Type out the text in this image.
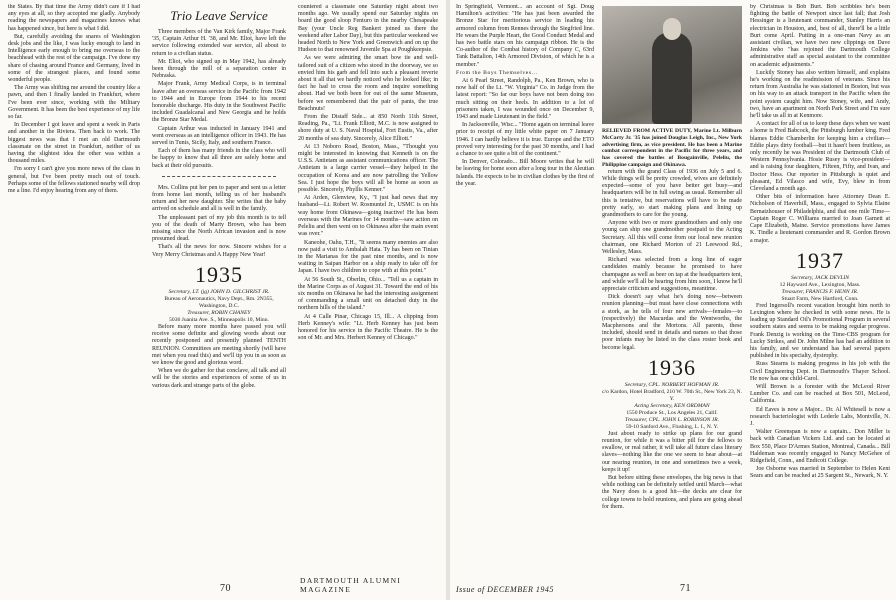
the States. By that time the Army didn't care if I had any eyes at all, so they accepted me gladly. Anybody reading the newspapers and magazines knows what has happened since, but here is what I did.

But, carefully avoiding the snares of Washington desk jobs and the like, I was lucky enough to land in Intelligence early enough to bring me overseas to the beachhead with the rest of the campaign. I've done my share of chasing around France and Germany, lived in some of the strangest places, and found some wonderful people.

The Army was shifting me around the country like a pawn, and then I finally landed in Frankfurt, where I've been ever since, working with the Military Government. It has been the best experience of my life so far.

In December I got leave and spent a week in Paris and another in the Riviera. Then back to work. The biggest news was that I met an old Dartmouth classmate on the street in Frankfurt, neither of us having the slightest idea the other was within a thousand miles.

I'm sorry I can't give you more news of the class in general, but I've been pretty much out of touch. Perhaps some of the fellows stationed nearby will drop me a line. I'd enjoy hearing from any of them.

Trio Leave Service

Three members of the Van Kirk family, Major Frank '35, Captain Arthur H. '38, and Mr. Eliot, have left the service following extended war service, all about to return to a civilian status.

Mr. Eliot, who signed up in May 1942, has already been through the mill of a separation center in Nebraska.

Major Frank, Army Medical Corps, is in terminal leave after an overseas service in the Pacific from 1942 to 1944 and in Europe from 1944 to his recent honorable discharge. His duty in the Southwest Pacific included Guadalcanal and New Georgia and he holds the Bronze Star Medal.

Captain Arthur was inducted in January 1941 and went overseas as an intelligence officer in 1943. He has served in Tunis, Sicily, Italy, and southern France.

Each of them has many friends in the class who will be happy to know that all three are safely home and back at their old pursuits.

Mrs. Collins put her pen to paper and sent us a letter from home last month, telling us of her husband's return and her new daughter. She writes that the baby arrived on schedule and all is well in the family.

The unpleasant part of my job this month is to tell you of the death of Marty Brown, who has been missing since the North African invasion and is now presumed dead.

That's all the news for now. Sincere wishes for a Very Merry Christmas and A Happy New Year!

1935
Secretary, LT. (jg) JOHN D. GILCHRIST JR.
Bureau of Aeronautics, Navy Dept., Rm. 2N355, Washington, D.C.
Treasurer, ROBIN CHANEY
5036 Juanita Ave. S., Minneapolis 10, Minn.

Before many more months have passed you will receive some definite and glowing words about our recently postponed and presently planned TENTH REUNION. Committees are meeting shortly (will have met when you read this) and we'll tip you in as soon as we know the good and glorious word.

When we do gather for that conclave, all talk and all will be the stories and experiences of some of us in various dark and strange parts of the globe.

countered a classmate one Saturday night about two months ago. We usually spend our Saturday nights on board the good sloop Fenturo in the nearby Chesapeake Bay (your Uncle Reg Bankert joined us there the weekend after Labor Day), but this particular weekend we headed North to New York and Greenwich and on up the Hudson to that renowned Juvenile Spa at Poughkeepsie.

As we were admiring the smart bow tie and well-tailored suit of a citizen who stood in the doorway, we so envied him his garb and fell into such a pleasant reverie about it all that we hardly noticed who he looked like; in fact he had to cross the room and inquire something about. Had we both been for out of the same Museum, before we remembered that the pair of pants, the true Beachnuts!

From the Distaff Side... at 850 North 11th Street, Reading, Pa., "Lt. Frank Elliott, M.C. is now assigned to shore duty at U. S. Naval Hospital, Fort Eustis, Va., after 20 months of sea duty. Sincerely, Alice Elliott."

At 13 Noboro Road, Boston, Mass., "Thought you might be interested in knowing that Kenneth is on the U.S.S. Antietam as assistant communications officer. The Antietam is a large carrier vessel—they helped in the occupation of Korea and are now patrolling the Yellow Sea. I just hope the boys will all be home as soon as possible. Sincerely, Phyllis Kenner."

At Arden, Glenview, Ky., "I just had news that my husband—Lt. Robert W. Rosmuntel Jr., USMC is on his way home from Okinawa—going inactive! He has been overseas with the Marines for 14 months—saw action on Peleliu and then went on to Okinawa after the main event was over."

Kaneohe, Oahu, T.H., "It seems many enemies are also now paid a visit to Ambalah Hata. Ty has been on Tinian in the Marianas for the past nine months, and is now waiting in Saipan Harbor on a ship ready to take off for Japan. I have two children to cope with at this point."

At 56 South St., Oberlin, Ohio... "Tell us a captain in the Marine Corps as of August 31. Toward the end of his six months on Okinawa he had the interesting assignment of commanding a small unit on detached duty in the northern hills of the island."

At 4 Calle Pinar, Chicago 15, Ill... A clipping from Herb Kenney's wife: "Lt. Herb Kenney has just been honored for his service in the Pacific Theatre. He is the son of Mr. and Mrs. Herbert Kenney of Chicago."

70
DARTMOUTH ALUMNI MAGAZINE

In Springfield, Vermont... an account of Sgt. Doug Hamilton's activities: "He has just been awarded the Bronze Star for meritorious service in leading his armored column from Rennes through the Siegfried line. He wears the Purple Heart, the Good Conduct Medal and has two battle stars on his campaign ribbon. He is the Co-author of the Combat history of Company C, 63rd Tank Battalion, 14th Armored Division, of which he is a member."

From the Boys Themselves...

At 6 Pearl Street, Randolph, Pa., Ken Brown, who is now half of the Lt. "W. Virginia" Co. in Judge from the latest report: "So far our boys have not been doing too much sitting on their heels. In addition to a lot of prisoners taken, I was wounded once on December 9, 1943 and made Lieutenant in the field."

In Jacksonville, Wisc... "Home again on terminal leave prior to receipt of my little white paper on 7 January 1946. I can hardly believe it is true. Europe and the ETO proved very interesting for the past 30 months, and I had a chance to see quite a bit of the continent."

In Denver, Colorado... Bill Moore writes that he will be leaving for home soon after a long tour in the Aleutian Islands. He expects to be in civilian clothes by the first of the year.

RELIEVED FROM ACTIVE DUTY, Marine Lt. Milburn McCarty Jr. '35 has joined Douglas Leigh, Inc., New York advertising firm, as vice president. He has been a Marine combat correspondent in the Pacific for three years, and has covered the battles of Bougainville, Peleliu, the Philippine campaign and Okinawa.

return with the grand Class of 1936 on July 5 and 6. While things will be pretty crowded, wives are definitely expected—some of you have better get busy—and headquarters will be in full swing as usual. Remember all this is tentative, but reservations will have to be made pretty early, so start making plans and lining up grandmothers to care for the young.

Anyone with two or more grandmothers and only one young can ship one grandmother postpaid to the Acting Secretary. All this will come from our local new reunion chairman, one Richard Morton of 21 Leewood Rd., Wellesley, Mass.

Richard was selected from a long line of eager candidates mainly because he promised to have champagne as well as beer on tap at the headquarters tent, and while we'll all be hearing from him soon, I know he'll appreciate criticism and suggestions, meantime.

Dick doesn't say what he's doing now—between reunion planning—but must have close connections with a stork, as he tells of four new arrivals—females—to (respectively) the Macurdas and the Wentworths, the Macphersons and the Mortons. All parents, these included, should send in details and names so that those poor infants may be listed in the class roster book and become legal.

1936
Secretary, CPL. NORBERT HOFMAN JR.
c/o Kardon, Hotel Bradford, 210 W. 70th St., New York 23, N. Y.
Acting Secretary, KEN ORDMAN
1550 Produce St., Los Angeles 21, Calif.
Treasurer, CPL. JOHN L. ROBINSON JR.
59-10 Sanford Ave., Flushing, L. I., N. Y.

Just about ready to strike up plans for our grand reunion, for while it was a bitter pill for the fellows to swallow, or real rather, it will take all future class literary slaves—nothing like the one we seem to hear about—at our nearing reunion, in one and sometimes two a week, keeps it up!

But before sitting these envelopes, the big news is that while nothing can be definitely settled until March—what the Navy does is a good hit—the decks are clear for college towns to hold reunions, and plans are going ahead for them.

by Christmas is Bob Burt. Bob scribbles he's been fighting the battle of Newport since last fall; that Josh Hessinger is a lieutenant commander, Stanley Harris an electrician in Houston, and, best of all, there'll be a little Burt come April. Putting in a one-man Navy as an assistant civilian, we have two new clippings on Dave Jenkins who "has rejoined the Dartmouth College administrative staff as special assistant to the committee on academic adjustments."

Luckily Stoney has also written himself, and explains he's working on the readmission of veterans. Since his return from Australia he was stationed in Boston, but was on his way to an attack transport in the Pacific when the point system caught him. Now Stoney, wife, and Andy, two, have an apartment on North Park Street and I'm sure he'll take us all in at Kenmore.

A contact for all of us to keep these days when we want a home is Fred Babcock, the Pittsburgh lumber king. Fred blames Eddie Chamberlin for keeping him a civilian—Eddie plays dirty football—but it hasn't been fruitless, as only recently he was President of the Dartmouth Club of Western Pennsylvania. Hosie Rusey is vice-president—and is raising four daughters, Fifteen, Fifty, and Ivan, and Doctor Hess. Our reporter in Pittsburgh is quiet and pleasant, Ed Vilasco and wife, Evy, blew in from Cleveland a month ago.

Other bits of information have Attorney Dean E. Nicholson of Haverhill, Mass., engaged to Sylvia Elaine Bernatzhouser of Philadelphia, and that one mile Time—Captain Roger C. Williams married to Joan Garnett at Cape Elizabeth, Maine. Service promotions have James K. Tindle a lieutenant commander and R. Gordon Brown a major.

1937
Secretary, JACK DEVLIN
12 Hayward Ave., Lexington, Mass.
Treasurer, FRANCIS F. HENN JR.
Stuart Farm, New Hartford, Conn.

Fred Ingersoll's recent vacation brought him north to Lexington where he checked in with some news. He is leading up Standard Oil's Promotional Program in several southern states and seems to be making regular progress. Frank Denzig is working on the Time-CBS program for Lucky Strikes, and Dr. John Milne has had an addition to his family, and we understand has had several papers published in his specialty, dystrophy.

Russ Stearns is making progress in his job with the Civil Engineering Dept. in Dartmouth's Thayer School. He now has one child-Carol.

Will Brown is a forester with the McLeod River Lumber Co. and can be reached at Box 501, McLeod, California.

Ed Eaves is now a Major... Dr. Al Whitesell is now a research bacteriologist with Lederle Labs, Montville, N. J.

Walter Greenspan is now a captain... Don Miller is back with Canadian Vickers Ltd. and can be located at Box 550, Place D'Armes Station, Montreal, Canada... Bill Haldeman was recently engaged to Nancy McGehee of Ridgefield, Conn., and Endicott College.

Joe Osborne was married in September to Helen Kent Sears and can be reached at 25 Sargent St., Newark, N. Y.

Issue of DECEMBER 1945	71
